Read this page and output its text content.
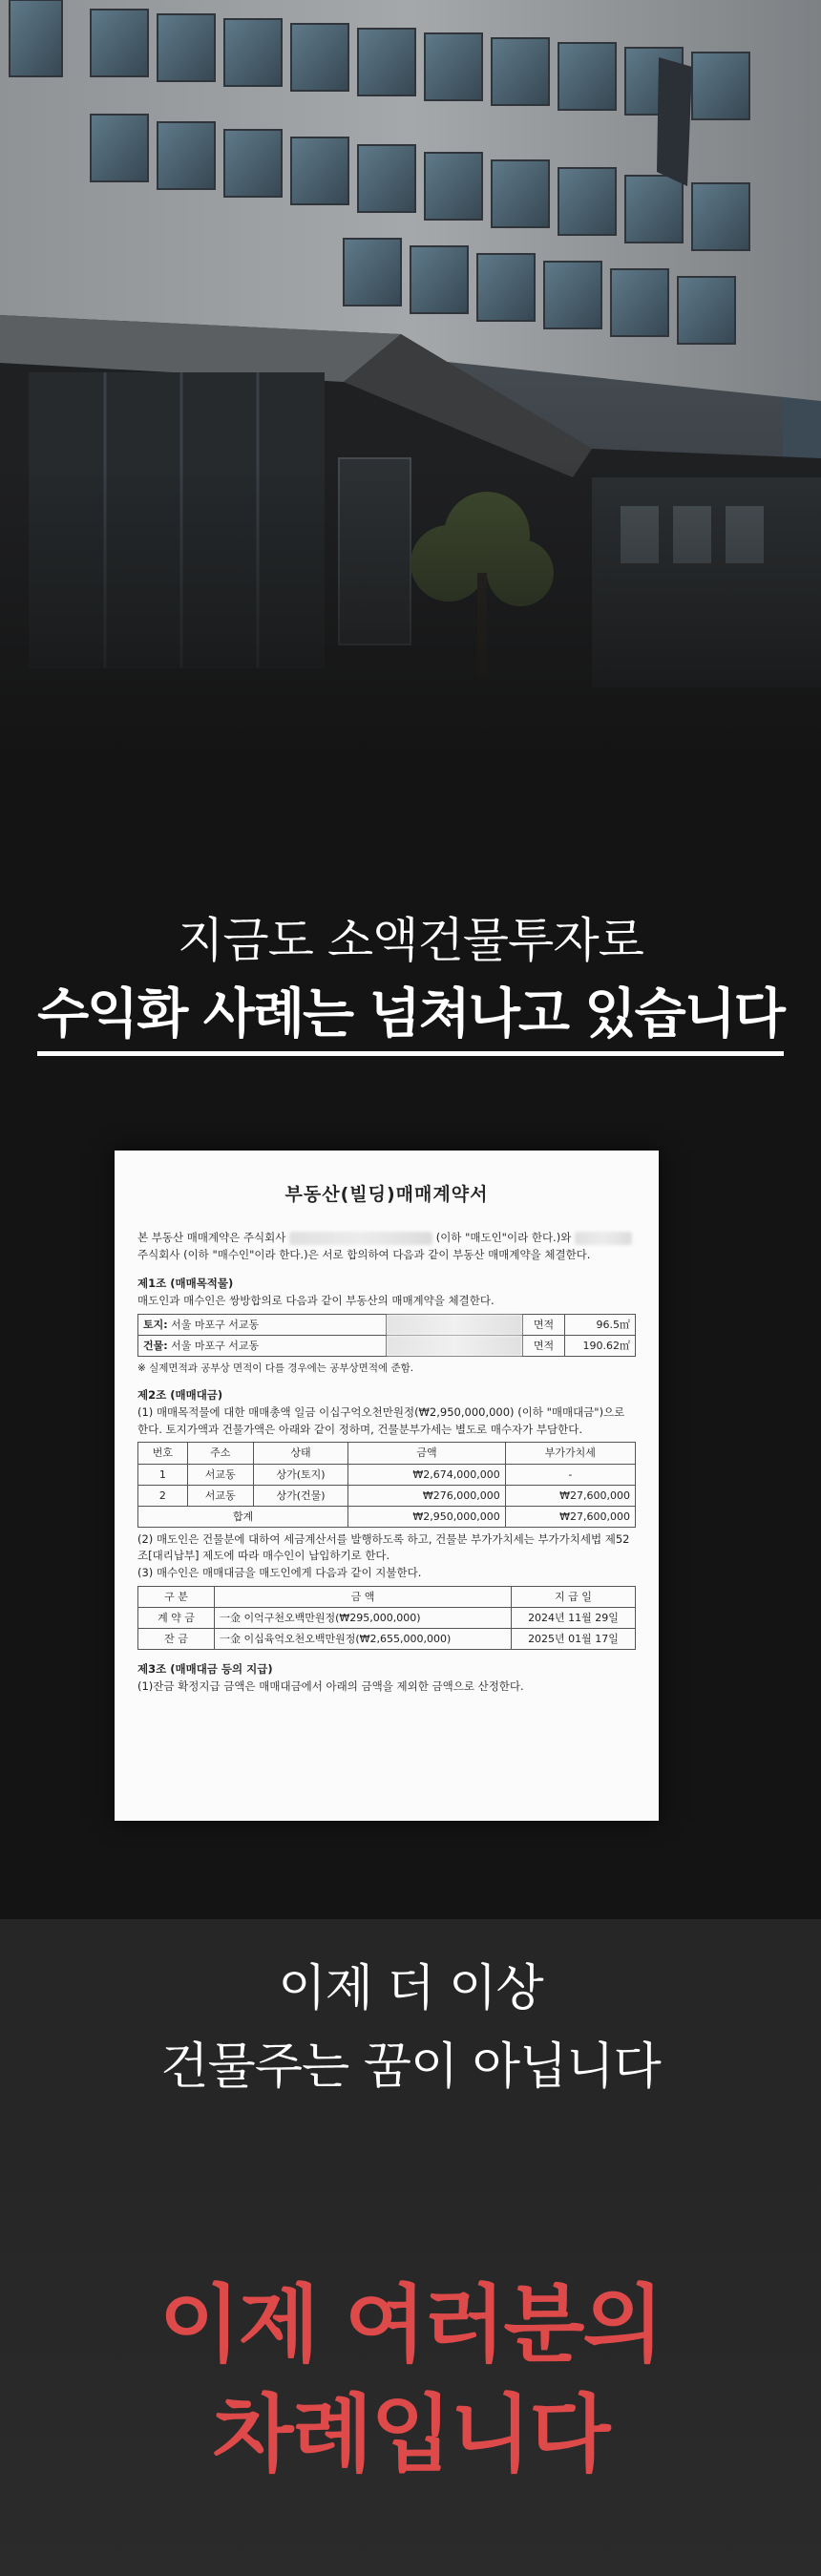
지금도 소액건물투자로
수익화 사례는 넘쳐나고 있습니다
부동산(빌딩)매매계약서
본 부동산 매매계약은 주식회사	(이하 "매도인"이라 한다.)와  주식회사 (이하 "매수인"이라 한다.)은 서로 합의하여 다음과 같이 부동산 매매계약을 체결한다.
제1조 (매매목적물)
매도인과 매수인은 쌍방합의로 다음과 같이 부동산의 매매계약을 체결한다.
토지: 서울 마포구 서교동		면적	96.5㎡
건물: 서울 마포구 서교동		면적	190.62㎡
※ 실제면적과 공부상 면적이 다를 경우에는 공부상면적에 준함.
제2조 (매매대금)
(1) 매매목적물에 대한 매매총액 일금 이십구억오천만원정(₩2,950,000,000) (이하 "매매대금")으로 한다. 토지가액과 건물가액은 아래와 같이 정하며, 건물분부가세는 별도로 매수자가 부담한다.
번호	주소	상태	금액	부가가치세
1	서교동	상가(토지)	₩2,674,000,000	-
2	서교동	상가(건물)	₩276,000,000	₩27,600,000
합계			₩2,950,000,000	₩27,600,000
(2) 매도인은 건물분에 대하여 세금계산서를 발행하도록 하고, 건물분 부가가치세는 부가가치세법 제52조[대리납부] 제도에 따라 매수인이 납입하기로 한다.
(3) 매수인은 매매대금을 매도인에게 다음과 같이 지불한다.
구 분	금 액	지 급 일
계 약 금	一金 이억구천오백만원정(₩295,000,000)	2024년 11월 29일
잔 금	一金 이십육억오천오백만원정(₩2,655,000,000)	2025년 01월 17일
제3조 (매매대금 등의 지급)
(1)잔금 확정지급 금액은 매매대금에서 아래의 금액을 제외한 금액으로 산정한다.
이제 더 이상
건물주는 꿈이 아닙니다
이제 여러분의
차례입니다
